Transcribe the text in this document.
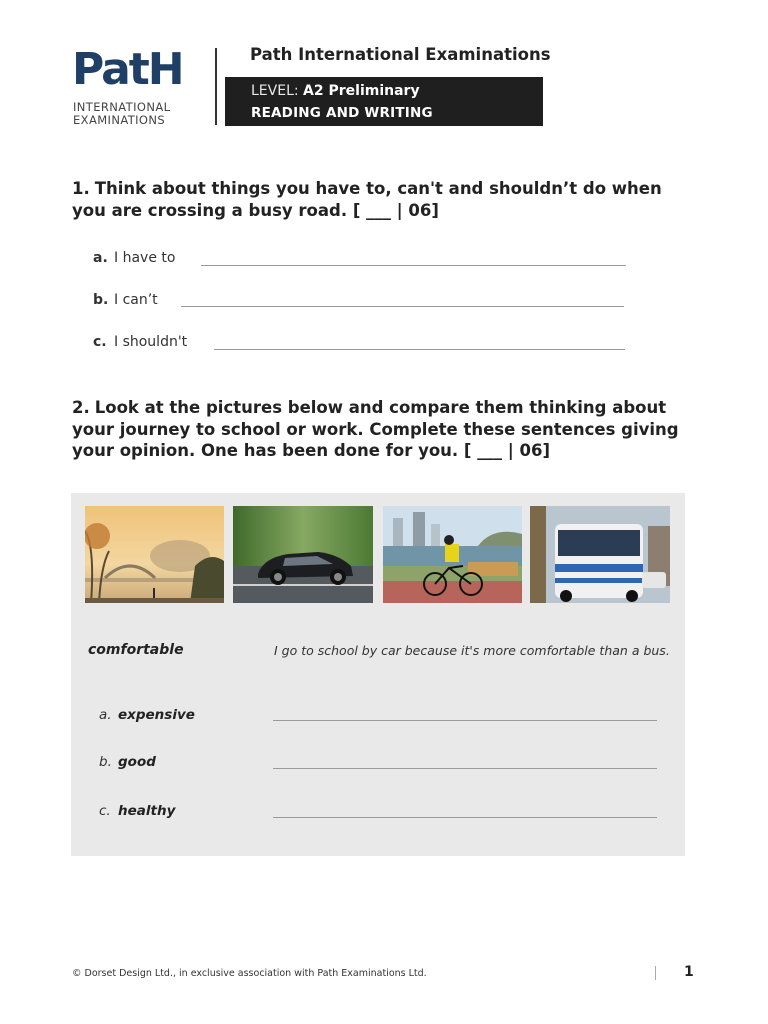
PatH
INTERNATIONAL
EXAMINATIONS
Path International Examinations
LEVEL: A2 Preliminary
READING AND WRITING
1. Think about things you have to, can't and shouldn’t do when you are crossing a busy road. [ ___ | 06]
a. I have to
b. I can’t
c. I shouldn't
2. Look at the pictures below and compare them thinking about your journey to school or work. Complete these sentences giving your opinion. One has been done for you. [ ___ | 06]
comfortable	I go to school by car because it's more comfortable than a bus.
a. expensive
b. good
c. healthy
© Dorset Design Ltd., in exclusive association with Path Examinations Ltd.	1
